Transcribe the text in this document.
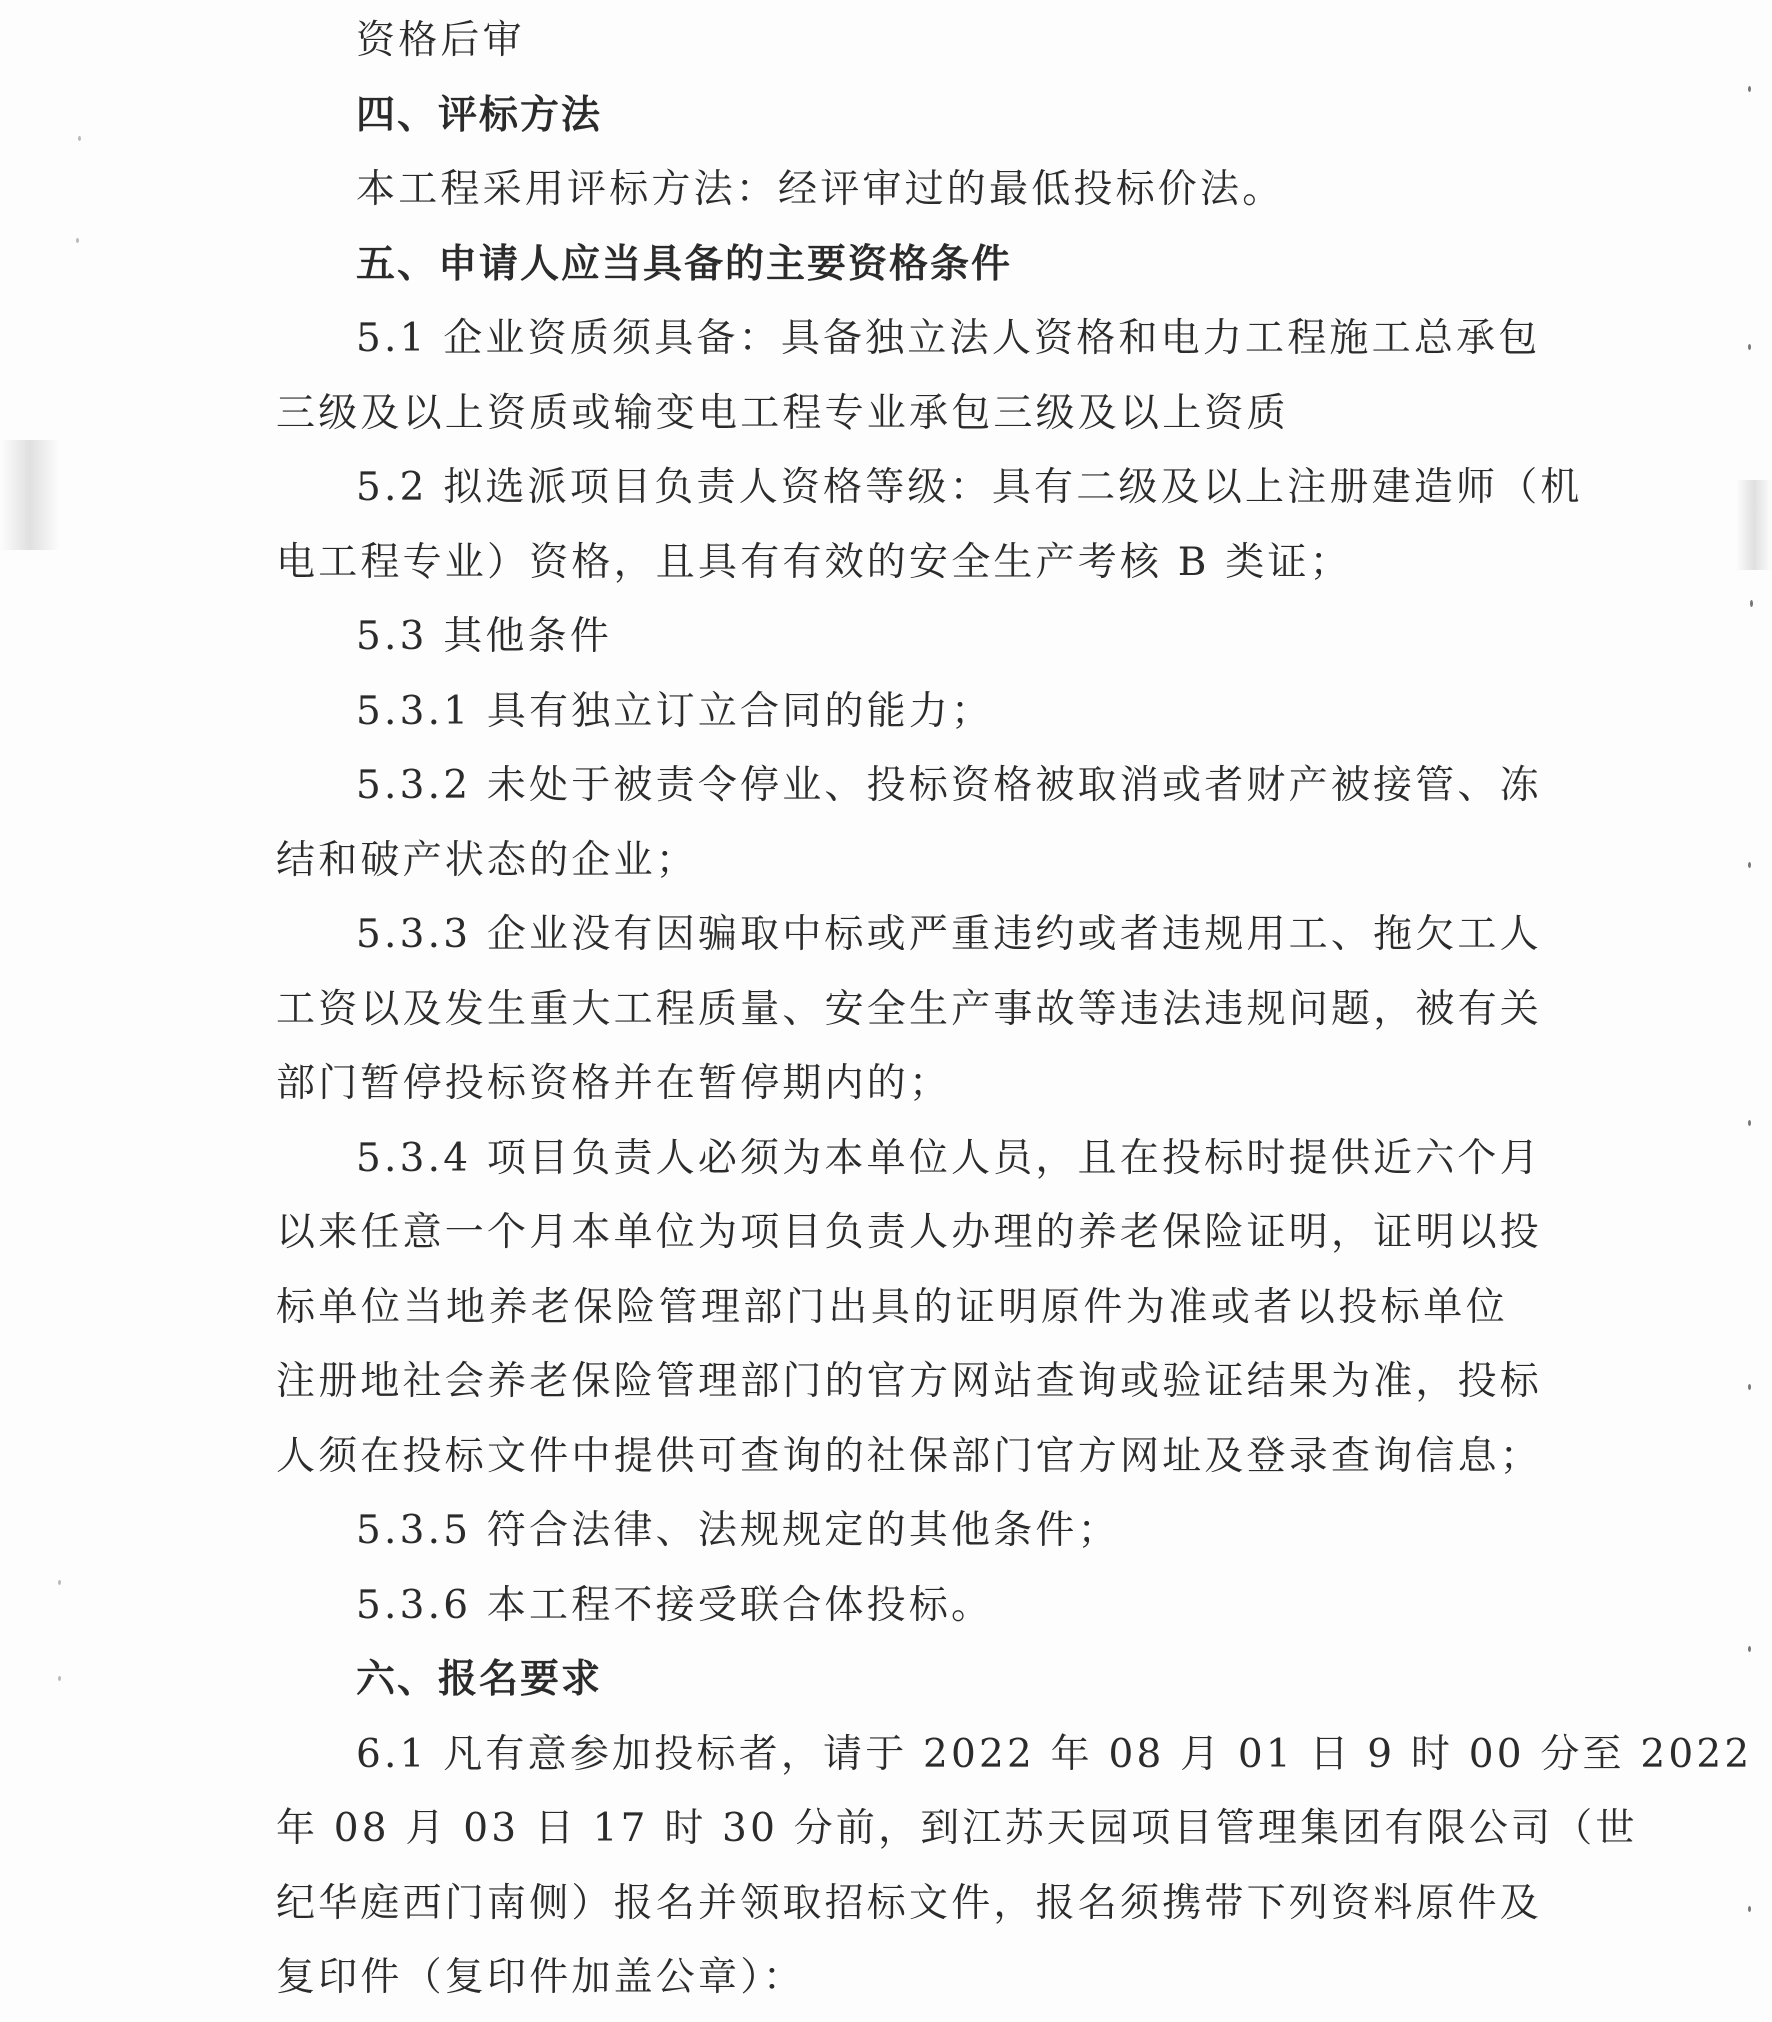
资格后审
四、评标方法
本工程采用评标方法：经评审过的最低投标价法。
五、申请人应当具备的主要资格条件
5.1 企业资质须具备：具备独立法人资格和电力工程施工总承包
三级及以上资质或输变电工程专业承包三级及以上资质
5.2 拟选派项目负责人资格等级：具有二级及以上注册建造师（机
电工程专业）资格，且具有有效的安全生产考核 B 类证；
5.3 其他条件
5.3.1 具有独立订立合同的能力；
5.3.2 未处于被责令停业、投标资格被取消或者财产被接管、冻
结和破产状态的企业；
5.3.3 企业没有因骗取中标或严重违约或者违规用工、拖欠工人
工资以及发生重大工程质量、安全生产事故等违法违规问题，被有关
部门暂停投标资格并在暂停期内的；
5.3.4 项目负责人必须为本单位人员，且在投标时提供近六个月
以来任意一个月本单位为项目负责人办理的养老保险证明，证明以投
标单位当地养老保险管理部门出具的证明原件为准或者以投标单位
注册地社会养老保险管理部门的官方网站查询或验证结果为准，投标
人须在投标文件中提供可查询的社保部门官方网址及登录查询信息；
5.3.5 符合法律、法规规定的其他条件；
5.3.6 本工程不接受联合体投标。
六、报名要求
6.1 凡有意参加投标者，请于 2022 年 08 月 01 日 9 时 00 分至 2022
年 08 月 03 日 17 时 30 分前，到江苏天园项目管理集团有限公司（世
纪华庭西门南侧）报名并领取招标文件，报名须携带下列资料原件及
复印件（复印件加盖公章）：
